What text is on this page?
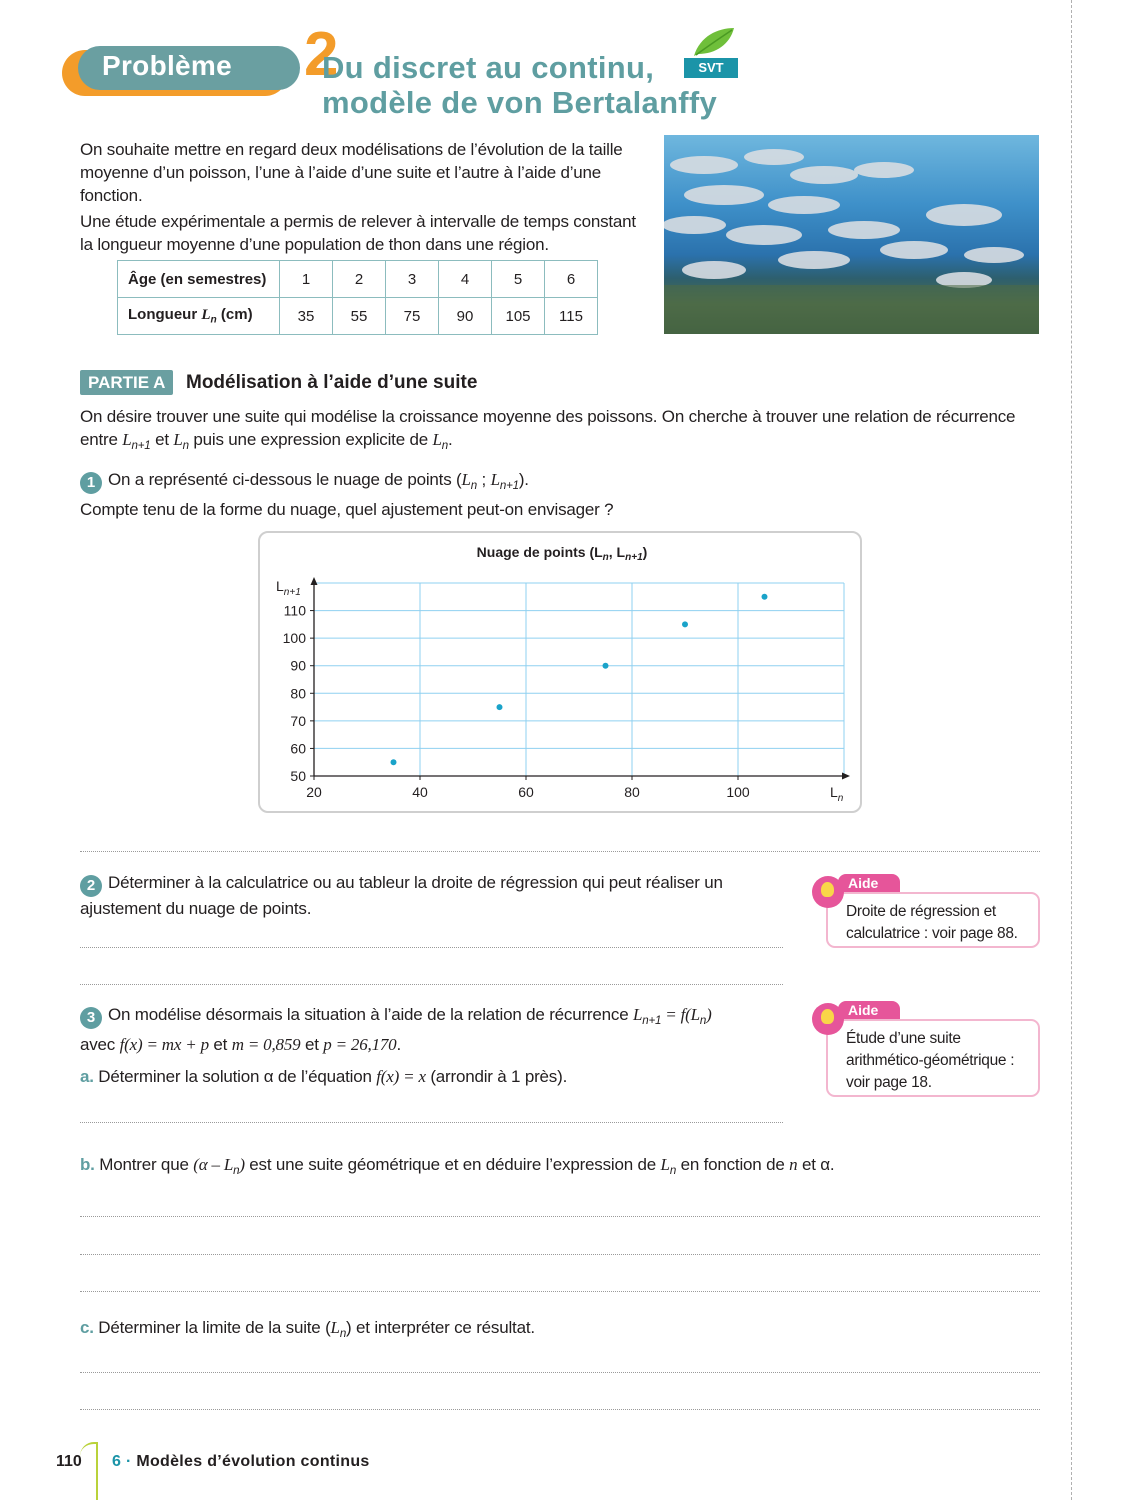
Problème 2
Du discret au continu,
modèle de von Bertalanffy
SVT

On souhaite mettre en regard deux modélisations de l’évolution de la taille moyenne d’un poisson, l’une à l’aide d’une suite et l’autre à l’aide d’une fonction.

Une étude expérimentale a permis de relever à intervalle de temps constant la longueur moyenne d’une population de thon dans une région.

Âge (en semestres)	1	2	3	4	5	6
Longueur $L_n$ (cm)	35	55	75	90	105	115
PARTIE A	Modélisation à l’aide d’une suite
On désire trouver une suite qui modélise la croissance moyenne des poissons. On cherche à trouver une relation de récurrence entre $L_{n+1}$ et $L_n$ puis une expression explicite de $L_n$.
1 On a représenté ci-dessous le nuage de points ($L_n$ ; $L_{n+1}$).
Compte tenu de la forme du nuage, quel ajustement peut-on envisager ?
Nuage de points ($L_n$, $L_{n+1}$)
20	40	60	80	100
50
60
70
80
90
100
110
$L_{n+1}$
$L_n$
2 Déterminer à la calculatrice ou au tableur la droite de régression qui peut réaliser un ajustement du nuage de points.	Droite de régression et calculatrice : voir page 88.
Aide
3 On modélise désormais la situation à l’aide de la relation de récurrence $L_{n+1} = f(L_n)$
avec f(x) = mx + p et m = 0,859 et p = 26,170.	Étude d’une suite
arithmético-géométrique :
voir page 18.
Aide
a. Déterminer la solution α de l’équation f(x) = x (arrondir à 1 près).
b. Montrer que $(\alpha - L_n)$ est une suite géométrique et en déduire l’expression de $L_n$ en fonction de n et α.
c. Déterminer la limite de la suite $(L_n)$ et interpréter ce résultat.
110 6 · Modèles d’évolution continus
